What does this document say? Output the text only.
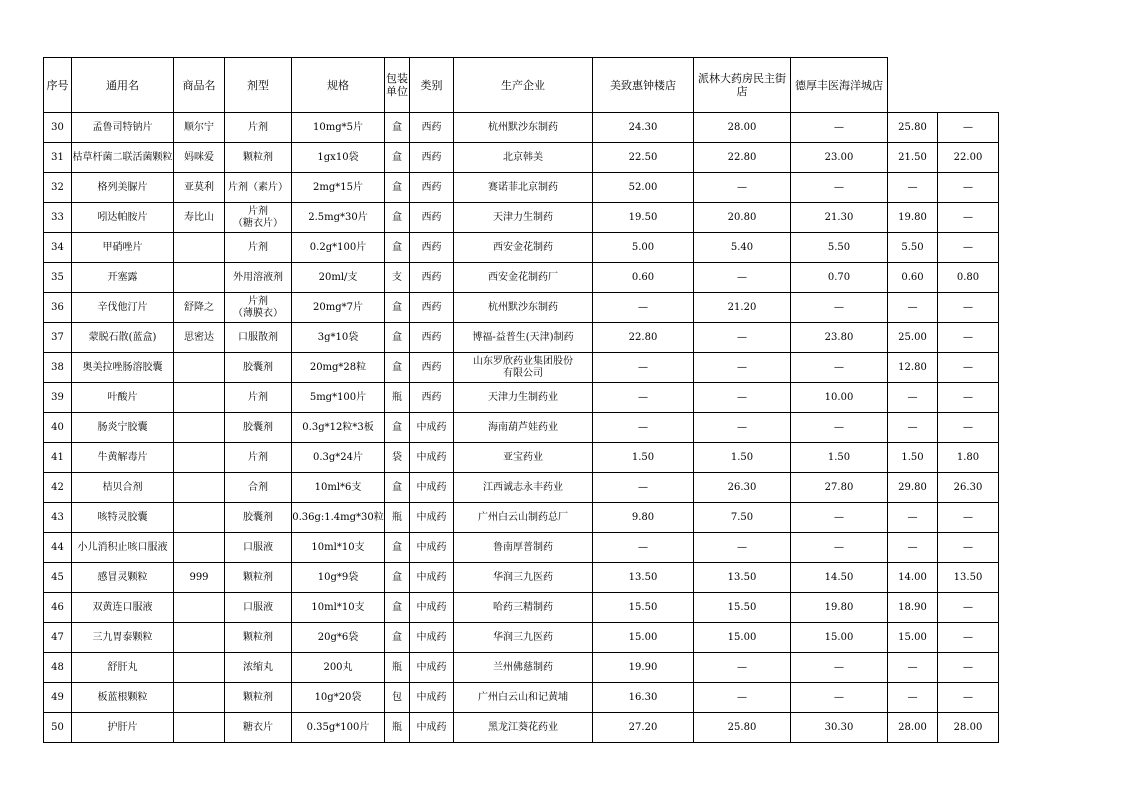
序号	通用名	商品名	剂型	规格	包装单位	类别	生产企业	美致惠钟楼店	派林大药房民主街店	德厚丰医海洋城店		

30	孟鲁司特钠片	顺尔宁	片剂	10mg*5片	盒	西药	杭州默沙东制药	24.30	28.00	—	25.80	—

31	枯草杆菌二联活菌颗粒	妈咪爱	颗粒剂	1gx10袋	盒	西药	北京韩美	22.50	22.80	23.00	21.50	22.00

32	格列美脲片	亚莫利	片剂（素片）	2mg*15片	盒	西药	赛诺菲北京制药	52.00	—	—	—	—

33	吲达帕胺片	寿比山	片剂
（糖衣片）	2.5mg*30片	盒	西药	天津力生制药	19.50	20.80	21.30	19.80	—

34	甲硝唑片		片剂	0.2g*100片	盒	西药	西安金花制药	5.00	5.40	5.50	5.50	—

35	开塞露		外用溶液剂	20ml/支	支	西药	西安金花制药厂	0.60	—	0.70	0.60	0.80

36	辛伐他汀片	舒降之	片剂
（薄膜衣）	20mg*7片	盒	西药	杭州默沙东制药	—	21.20	—	—	—

37	蒙脱石散(蓝盒)	思密达	口服散剂	3g*10袋	盒	西药	博福-益普生(天津)制药	22.80	—	23.80	25.00	—

38	奥美拉唑肠溶胶囊		胶囊剂	20mg*28粒	盒	西药	山东罗欣药业集团股份
有限公司	—	—	—	12.80	—

39	叶酸片		片剂	5mg*100片	瓶	西药	天津力生制药业	—	—	10.00	—	—

40	肠炎宁胶囊		胶囊剂	0.3g*12粒*3板	盒	中成药	海南葫芦娃药业	—	—	—	—	—

41	牛黄解毒片		片剂	0.3g*24片	袋	中成药	亚宝药业	1.50	1.50	1.50	1.50	1.80

42	桔贝合剂		合剂	10ml*6支	盒	中成药	江西诚志永丰药业	—	26.30	27.80	29.80	26.30

43	咳特灵胶囊		胶囊剂	0.36g:1.4mg*30粒	瓶	中成药	广州白云山制药总厂	9.80	7.50	—	—	—

44	小儿消积止咳口服液		口服液	10ml*10支	盒	中成药	鲁南厚普制药	—	—	—	—	—

45	感冒灵颗粒	999	颗粒剂	10g*9袋	盒	中成药	华润三九医药	13.50	13.50	14.50	14.00	13.50

46	双黄连口服液		口服液	10ml*10支	盒	中成药	哈药三精制药	15.50	15.50	19.80	18.90	—

47	三九胃泰颗粒		颗粒剂	20g*6袋	盒	中成药	华润三九医药	15.00	15.00	15.00	15.00	—

48	舒肝丸		浓缩丸	200丸	瓶	中成药	兰州佛慈制药	19.90	—	—	—	—

49	板蓝根颗粒		颗粒剂	10g*20袋	包	中成药	广州白云山和记黄埔	16.30	—	—	—	—

50	护肝片		糖衣片	0.35g*100片	瓶	中成药	黑龙江葵花药业	27.20	25.80	30.30	28.00	28.00
